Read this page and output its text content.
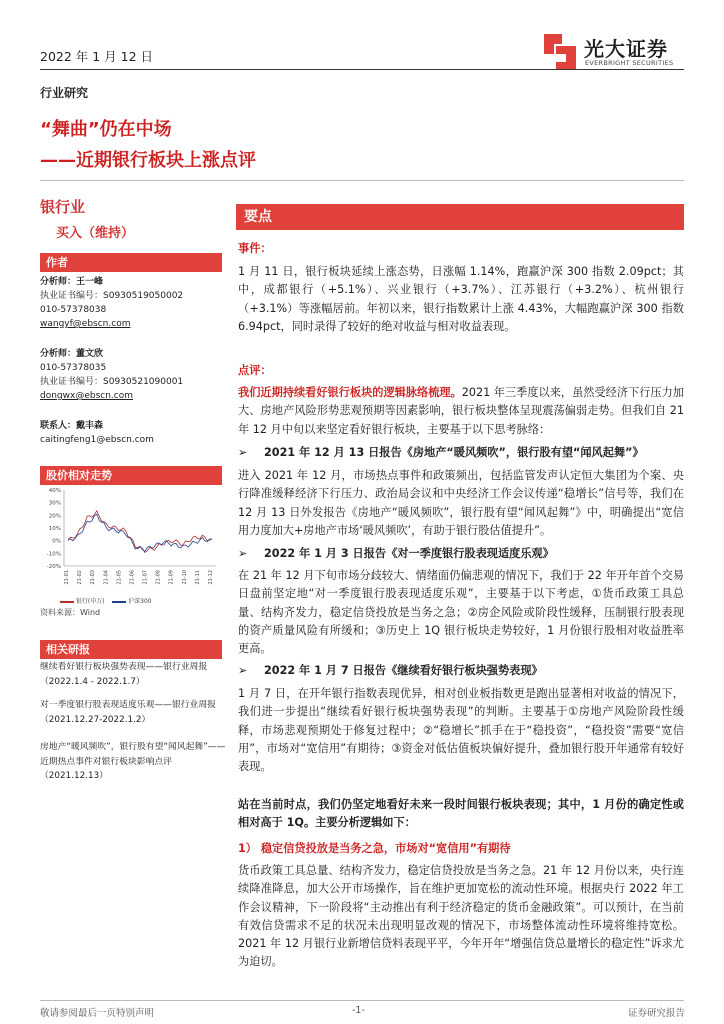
2022 年 1 月 12 日	光大证券
EVERBRIGHT SECURITIES
行业研究
“舞曲”仍在中场
——近期银行板块上涨点评
银行业
买入（维持）
作者
分析师：王一峰
执业证书编号：S0930519050002
010-57378038
wangyf@ebscn.com
分析师：董文欣
010-57378035
执业证书编号：S0930521090001
dongwx@ebscn.com
联系人：戴丰森
caitingfeng1@ebscn.com
股价相对走势
40%
30%
20%
10%
0%
-10%
-20%
21-01 21-02 21-03 21-04 21-05 21-06 21-07 21-08 21-09 21-10 21-11 21-12
银行(申万)	沪深300
资料来源：Wind
相关研报
继续看好银行板块强势表现——银行业周报（2022.1.4 - 2022.1.7）
对一季度银行股表现适度乐观——银行业周报（2021.12.27-2022.1.2）
房地产“暖风频吹”，银行股有望“闻风起舞”——近期热点事件对银行板块影响点评（2021.12.13）
要点
事件：
1 月 11 日，银行板块延续上涨态势，日涨幅 1.14%，跑赢沪深 300 指数 2.09pct；其中，成都银行（+5.1%）、兴业银行（+3.7%）、江苏银行（+3.2%）、杭州银行（+3.1%）等涨幅居前。年初以来，银行指数累计上涨 4.43%，大幅跑赢沪深 300 指数 6.94pct，同时录得了较好的绝对收益与相对收益表现。
点评：
我们近期持续看好银行板块的逻辑脉络梳理。2021 年三季度以来，虽然受经济下行压力加大、房地产风险形势悲观预期等因素影响，银行板块整体呈现震荡偏弱走势。但我们自 21 年 12 月中旬以来坚定看好银行板块，主要基于以下思考脉络：
➢ 2021 年 12 月 13 日报告《房地产“暖风频吹”，银行股有望“闻风起舞”》
进入 2021 年 12 月，市场热点事件和政策频出，包括监管发声认定恒大集团为个案、央行降准缓释经济下行压力、政治局会议和中央经济工作会议传递“稳增长”信号等，我们在 12 月 13 日外发报告《房地产“暖风频吹”，银行股有望“闻风起舞”》中，明确提出“宽信用力度加大+房地产市场‘暖风频吹’，有助于银行股估值提升”。
➢ 2022 年 1 月 3 日报告《对一季度银行股表现适度乐观》
在 21 年 12 月下旬市场分歧较大、情绪面仍偏悲观的情况下，我们于 22 年开年首个交易日盘前坚定地“对一季度银行股表现适度乐观”，主要基于以下考虑，①货币政策工具总量、结构齐发力，稳定信贷投放是当务之急；②房企风险或阶段性缓释，压制银行股表现的资产质量风险有所缓和；③历史上 1Q 银行板块走势较好，1 月份银行股相对收益胜率更高。
➢ 2022 年 1 月 7 日报告《继续看好银行板块强势表现》
1 月 7 日，在开年银行指数表现优异，相对创业板指数更是跑出显著相对收益的情况下，我们进一步提出“继续看好银行板块强势表现”的判断。主要基于①房地产风险阶段性缓释，市场悲观预期处于修复过程中；②“稳增长”抓手在于“稳投资”，“稳投资”需要“宽信用”，市场对“宽信用”有期待；③资金对低估值板块偏好提升，叠加银行股开年通常有较好表现。
站在当前时点，我们仍坚定地看好未来一段时间银行板块表现；其中，1 月份的确定性或相对高于 1Q。主要分析逻辑如下：
1） 稳定信贷投放是当务之急，市场对“宽信用”有期待
货币政策工具总量、结构齐发力，稳定信贷投放是当务之急。21 年 12 月份以来，央行连续降准降息，加大公开市场操作，旨在维护更加宽松的流动性环境。根据央行 2022 年工作会议精神，下一阶段将“主动推出有利于经济稳定的货币金融政策”。可以预计，在当前有效信贷需求不足的状况未出现明显改观的情况下，市场整体流动性环境将维持宽松。2021 年 12 月银行业新增信贷料表现平平，今年开年“增强信贷总量增长的稳定性”诉求尤为迫切。
敬请参阅最后一页特别声明	-1-	证券研究报告
